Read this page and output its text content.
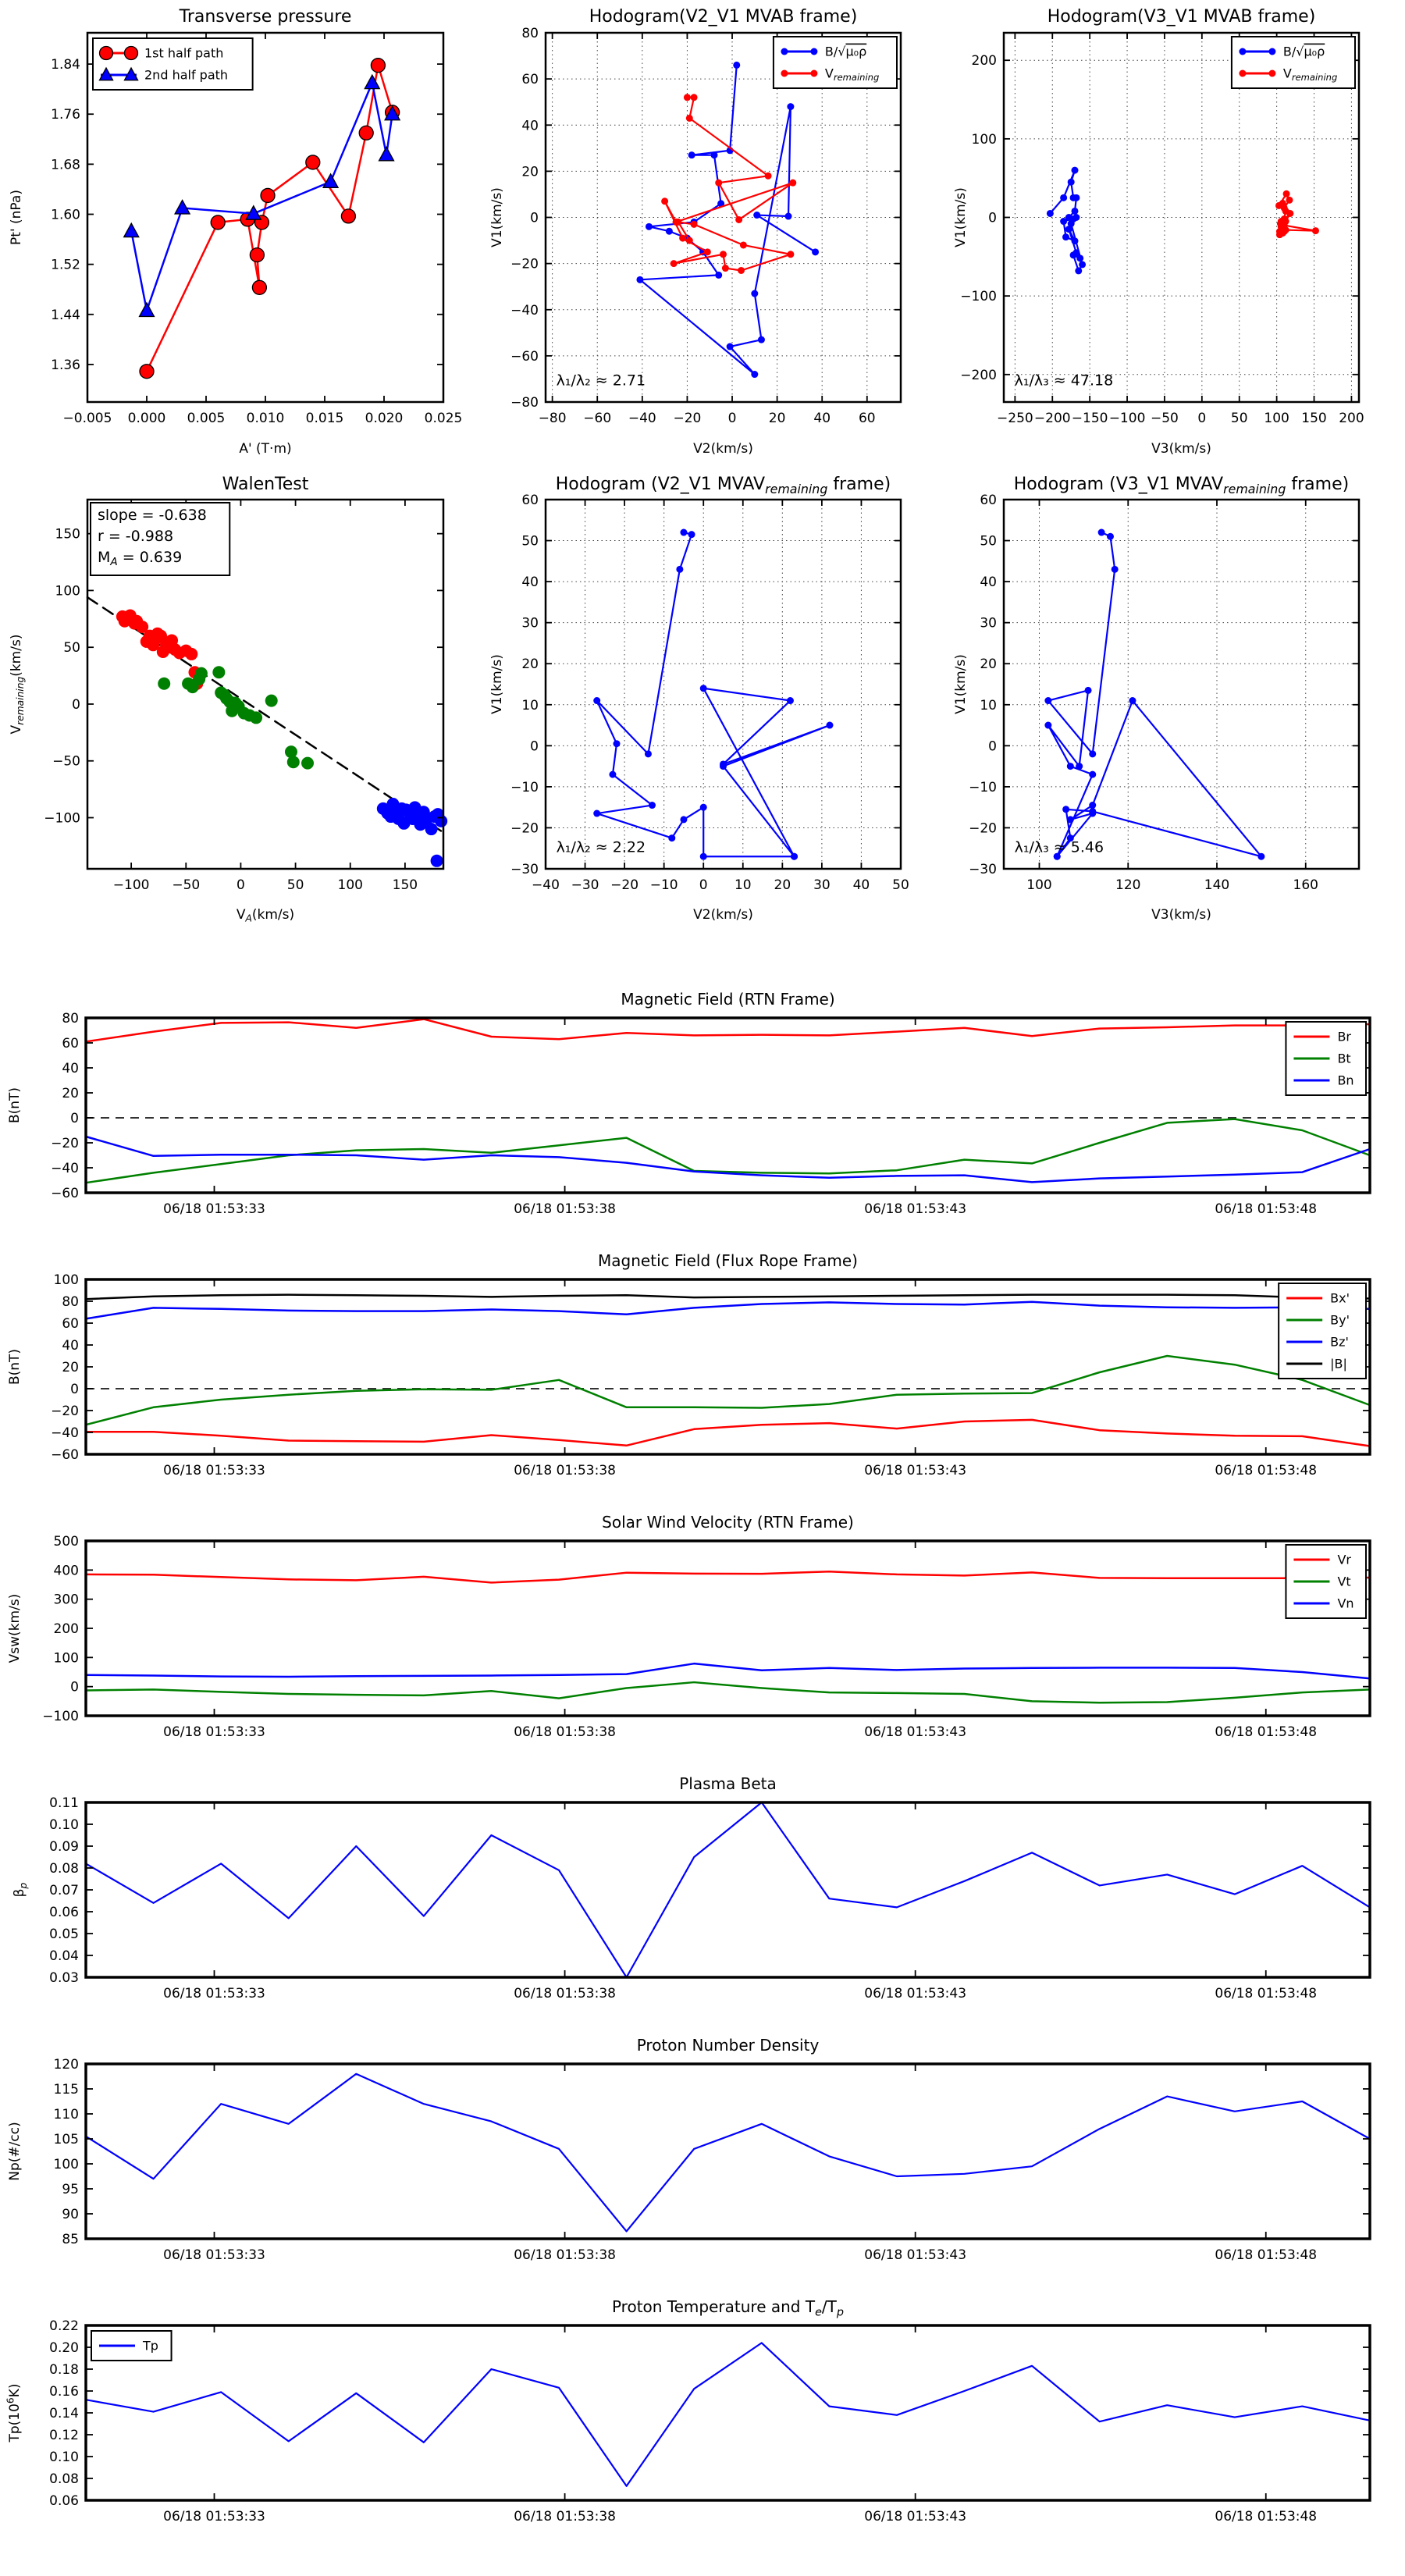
−0.005 0.000 0.005 0.010 0.015 0.020 0.025
1.36
1.44
1.52
1.60
1.68
1.76
1.84
Transverse pressure
A' (T·m)
Pt' (nPa)
1st half path
2nd half path
−80 −60 −40 −20 0 20 40 60
−80
−60
−40
−20
0
20
40
60
80
Hodogram(V2_V1 MVAB frame)
V2(km/s)
V1(km/s)
B/√μ₀ρ
$V_{remaining}$
λ₁/λ₂ ≈ 2.71
−250 −200 −150 −100 −50 0 50 100 150 200
−200
−100
0
100
200
Hodogram(V3_V1 MVAB frame)
V3(km/s)
V1(km/s)
B/√μ₀ρ
$V_{remaining}$
λ₁/λ₃ ≈ 47.18
−100 −50	0	50	100 150
−100
−50
0
50
100
150
WalenTest
$V_A(km/s)$
$V_{remaining}(km/s)$
slope = -0.638
r = -0.988
$M_A = 0.639$
−40 −30 −20 −10 0 10 20 30 40 50
−30
−20
−10
0
10
20
30
40
50
60
Hodogram (V2_V1 $MVAV_{remaining}$ frame)
V2(km/s)
V1(km/s)
λ₁/λ₂ ≈ 2.22
100	120	140	160
−30
−20
−10
0
10
20
30
40
50
60
Hodogram (V3_V1 $MVAV_{remaining}$ frame)
V3(km/s)
V1(km/s)
λ₁/λ₃ ≈ 5.46
06/18 01:53:33	06/18 01:53:38	06/18 01:53:43	06/18 01:53:48
−60
−40
−20
0
20
40
60
80
Magnetic Field (RTN Frame)
B(nT)
Br
Bt
Bn
06/18 01:53:33	06/18 01:53:38	06/18 01:53:43	06/18 01:53:48
−60
−40
−20
0
20
40
60
80
100
Magnetic Field (Flux Rope Frame)
B(nT)
Bx'
By'
Bz'
|B|
06/18 01:53:33	06/18 01:53:38	06/18 01:53:43	06/18 01:53:48
−100
0
100
200
300
400
500
Solar Wind Velocity (RTN Frame)
Vsw(km/s)
Vr
Vt
Vn
06/18 01:53:33	06/18 01:53:38	06/18 01:53:43	06/18 01:53:48
0.03
0.04
0.05
0.06
0.07
0.08
0.09
0.10
0.11
Plasma Beta
$\beta_p$
06/18 01:53:33	06/18 01:53:38	06/18 01:53:43	06/18 01:53:48
85
90
95
100
105
110
115
120
Proton Number Density
Np(#/cc)
06/18 01:53:33	06/18 01:53:38	06/18 01:53:43	06/18 01:53:48
0.06
0.08
0.10
0.12
0.14
0.16
0.18
0.20
0.22
Proton Temperature and $T_e/T_p$
$Tp(10^6K)$
Tp
